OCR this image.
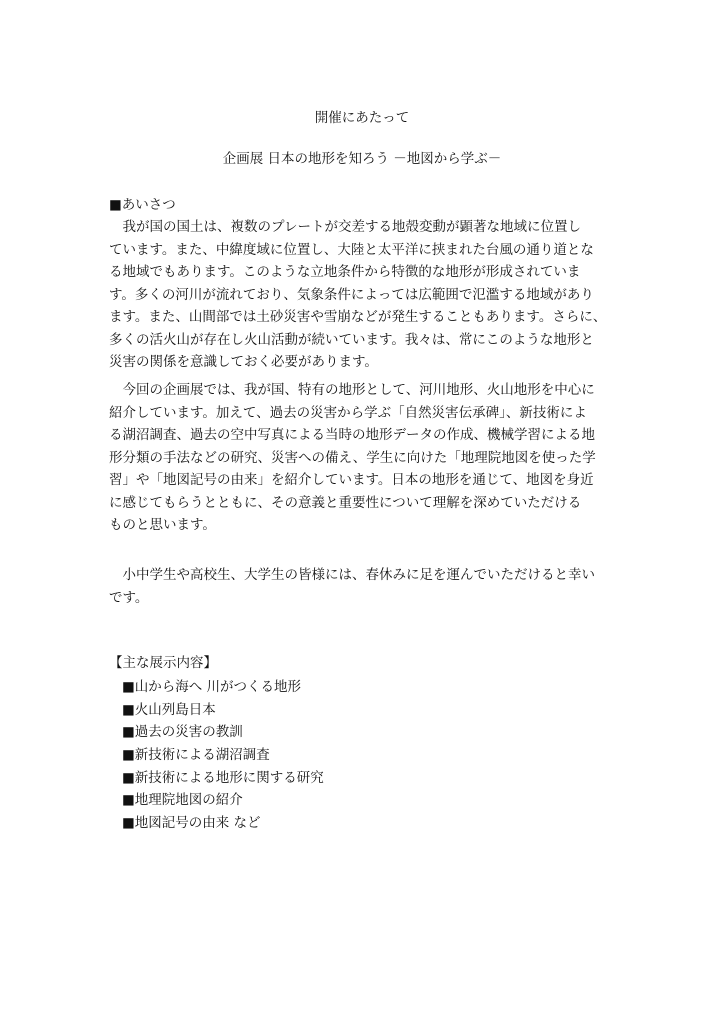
開催にあたって
企画展 日本の地形を知ろう －地図から学ぶ－
■あいさつ
　我が国の国土は、複数のプレートが交差する地殻変動が顕著な地域に位置し
ています。また、中緯度域に位置し、大陸と太平洋に挟まれた台風の通り道とな
る地域でもあります。このような立地条件から特徴的な地形が形成されていま
す。多くの河川が流れており、気象条件によっては広範囲で氾濫する地域があり
ます。また、山間部では土砂災害や雪崩などが発生することもあります。さらに、
多くの活火山が存在し火山活動が続いています。我々は、常にこのような地形と
災害の関係を意識しておく必要があります。
　今回の企画展では、我が国、特有の地形として、河川地形、火山地形を中心に
紹介しています。加えて、過去の災害から学ぶ「自然災害伝承碑」、新技術によ
る湖沼調査、過去の空中写真による当時の地形データの作成、機械学習による地
形分類の手法などの研究、災害への備え、学生に向けた「地理院地図を使った学
習」や「地図記号の由来」を紹介しています。日本の地形を通じて、地図を身近
に感じてもらうとともに、その意義と重要性について理解を深めていただける
ものと思います。
　小中学生や高校生、大学生の皆様には、春休みに足を運んでいただけると幸い
です。
【主な展示内容】
■山から海へ 川がつくる地形
■火山列島日本
■過去の災害の教訓
■新技術による湖沼調査
■新技術による地形に関する研究
■地理院地図の紹介
■地図記号の由来 など
